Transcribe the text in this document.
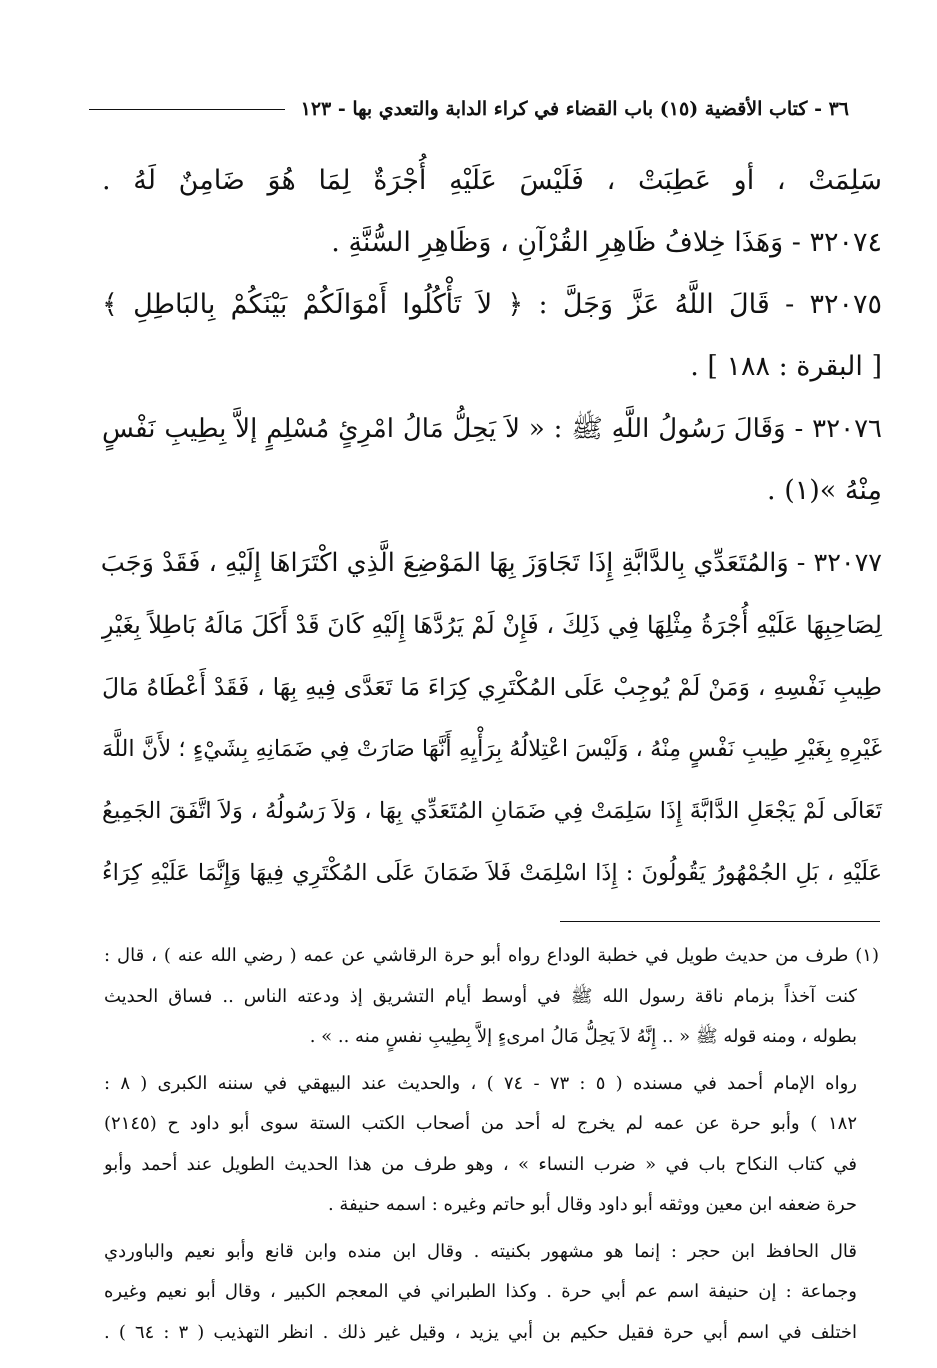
٣٦ - كتاب الأقضية (١٥) باب القضاء في كراء الدابة والتعدي بها - ١٢٣
سَلِمَتْ ، أو عَطِبَتْ ، فَلَيْسَ عَلَيْهِ أُجْرَةٌ لِمَا هُوَ ضَامِنٌ لَهُ .
٣٢٠٧٤ - وَهَذَا خِلافُ ظَاهِرِ القُرْآنِ ، وَظَاهِرِ السُّنَّةِ .
٣٢٠٧٥ - قَالَ اللَّهُ عَزَّ وَجَلَّ : ﴿ لاَ تَأْكُلُوا أَمْوَالَكُمْ بَيْنَكُمْ بِالبَاطِلِ ﴾
[ البقرة : ١٨٨ ] .
٣٢٠٧٦ - وَقَالَ رَسُولُ اللَّهِ ﷺ : « لاَ يَحِلُّ مَالُ امْرِئٍ مُسْلِمٍ إلاَّ بِطِيبِ نَفْسٍ
مِنْهُ »(١) .
٣٢٠٧٧ - وَالمُتَعَدِّي بِالدَّابَّةِ إِذَا تَجَاوَزَ بِهَا المَوْضِعَ الَّذِي اكْتَرَاهَا إِلَيْهِ ، فَقَدْ وَجَبَ
لِصَاحِبِهَا عَلَيْهِ أُجْرَةُ مِثْلِهَا فِي ذَلِكَ ، فَإِنْ لَمْ يَرُدَّهَا إِلَيْهِ كَانَ قَدْ أَكَلَ مَالَهُ بَاطِلاً بِغَيْرِ
طِيبِ نَفْسِهِ ، وَمَنْ لَمْ يُوجِبْ عَلَى المُكْتَرِي كِرَاءَ مَا تَعَدَّى فِيهِ بِهَا ، فَقَدْ أَعْطَاهُ مَالَ
غَيْرِهِ بِغَيْرِ طِيبِ نَفْسٍ مِنْهُ ، وَلَيْسَ اعْتِلالُهُ بِرَأْيِهِ أَنَّهَا صَارَتْ فِي ضَمَانِهِ بِشَيْءٍ ؛ لأَنَّ اللَّهَ
تَعَالَى لَمْ يَجْعَلِ الدَّابَّةَ إِذَا سَلِمَتْ فِي ضَمَانِ المُتَعَدِّي بِهَا ، وَلاَ رَسُولُهُ ، وَلاَ اتَّفَقَ الجَمِيعُ
عَلَيْهِ ، بَلِ الجُمْهُورُ يَقُولُونَ : إِذَا اسْلِمَتْ فَلاَ ضَمَانَ عَلَى المُكْتَرِي فِيهَا وَإِنَّمَا عَلَيْهِ كِرَاءُ
(١) طرف من حديث طويل في خطبة الوداع رواه أبو حرة الرقاشي عن عمه ( رضي الله عنه ) ، قال :
كنت آخذاً بزمام ناقة رسول الله ﷺ في أوسط أيام التشريق إذ ودعته الناس .. فساق الحديث
بطوله ، ومنه قوله ﷺ « .. إِنَّهُ لاَ يَحِلُّ مَالُ امرىءٍ إلاَّ بِطِيبِ نفسٍ منه .. » .
رواه الإمام أحمد في مسنده ( ٥ : ٧٣ - ٧٤ ) ، والحديث عند البيهقي في سننه الكبرى ( ٨ :
١٨٢ ) وأبو حرة عن عمه لم يخرج له أحد من أصحاب الكتب الستة سوى أبو داود ح (٢١٤٥)
في كتاب النكاح باب في « ضرب النساء » ، وهو طرف من هذا الحديث الطويل عند أحمد وأبو
حرة ضعفه ابن معين ووثقه أبو داود وقال أبو حاتم وغيره : اسمه حنيفة .
قال الحافظ ابن حجر : إنما هو مشهور بكنيته . وقال ابن منده وابن قانع وأبو نعيم والباوردي
وجماعة : إن حنيفة اسم عم أبي حرة . وكذا الطبراني في المعجم الكبير ، وقال أبو نعيم وغيره
اختلف في اسم أبي حرة فقيل حكيم بن أبي يزيد ، وقيل غير ذلك . انظر التهذيب ( ٣ : ٦٤ ) .
